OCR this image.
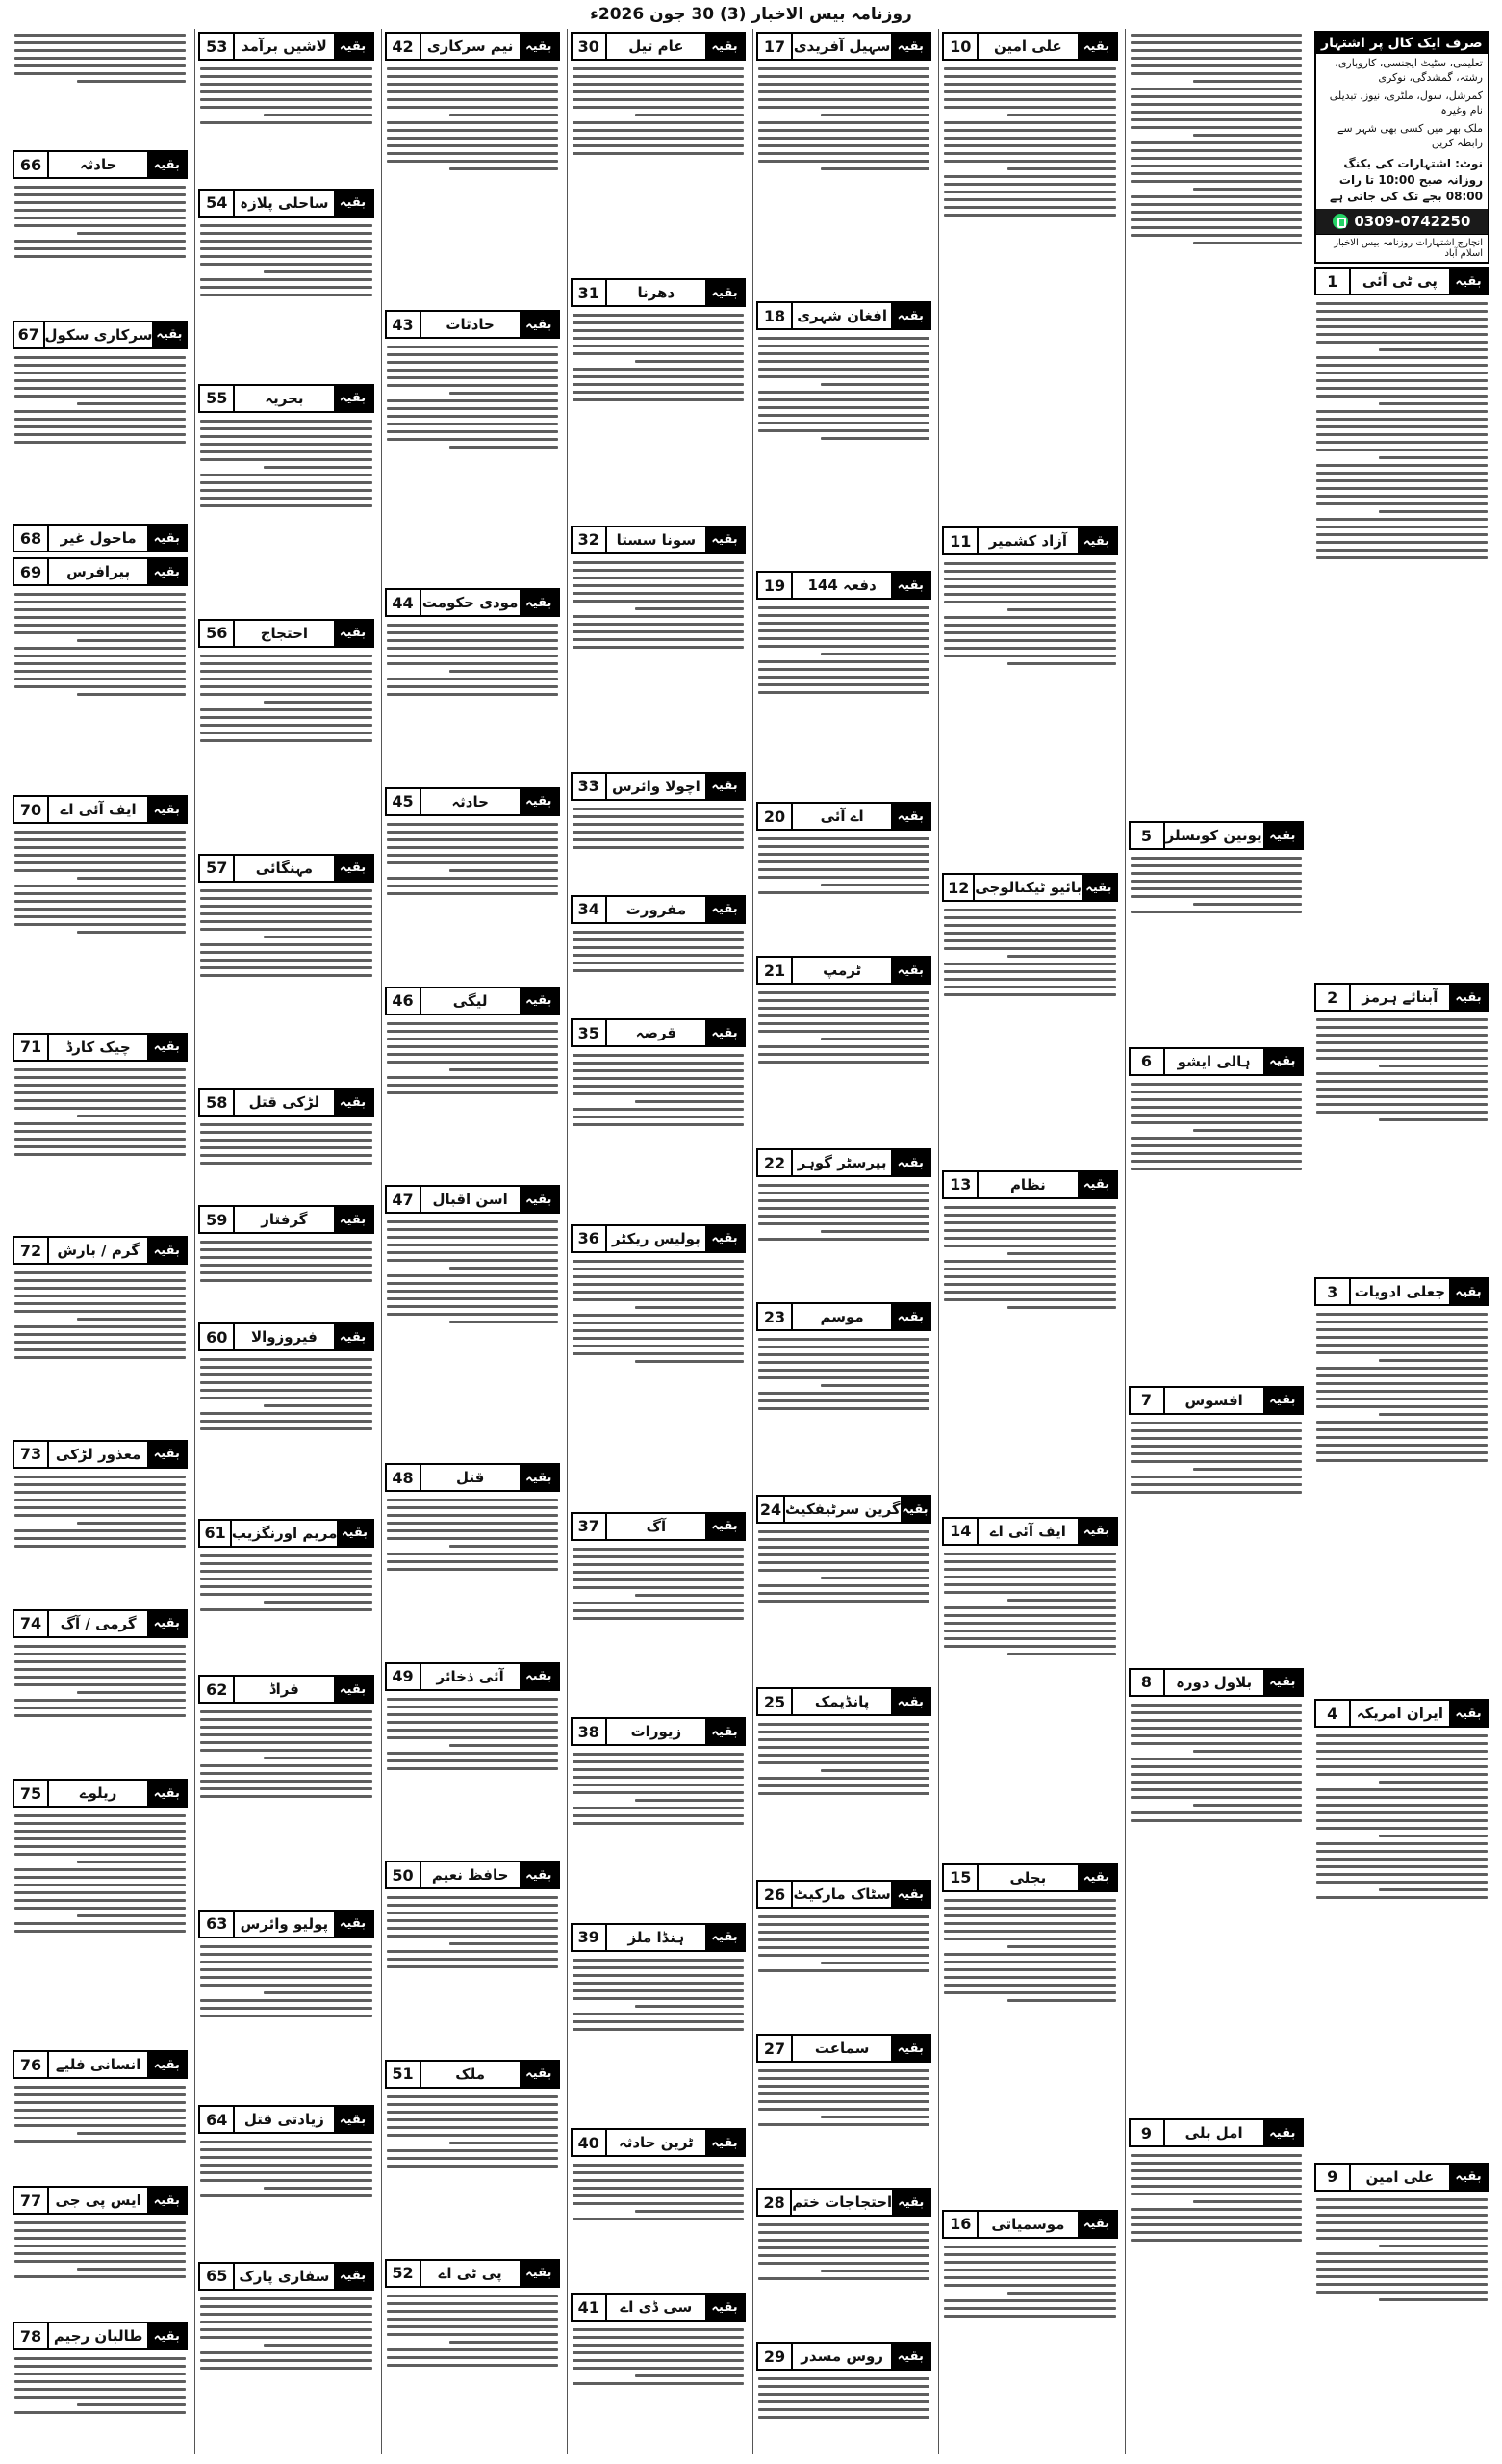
روزنامہ بیس الاخبار (3) 30 جون 2026ء
صرف ایک کال پر اشتہار
تعلیمی، سٹیٹ ایجنسی، کاروباری، رشتہ، گمشدگی، نوکری
کمرشل، سول، ملٹری، نیوز، تبدیلی نام وغیرہ
ملک بھر میں کسی بھی شہر سے رابطہ کریں
نوٹ: اشتہارات کی بکنگ روزانہ صبح 10:00 تا رات 08:00 بجے تک کی جاتی ہے
0309-0742250
انچارج اشتہارات روزنامہ بیس الاخبار اسلام آباد
بقیہ
پی ٹی آئی
1
بقیہ
آبنائے ہرمز
2
بقیہ
جعلی ادویات
3
بقیہ
ایران امریکہ
4
بقیہ
علی امین
9
بقیہ
یونین کونسلز
5
بقیہ
ہالی ایشو
6
بقیہ
افسوس
7
بقیہ
بلاول دورہ
8
بقیہ
امل بلی
9
بقیہ
علی امین
10
بقیہ
آزاد کشمیر
11
بقیہ
بائیو ٹیکنالوجی
12
بقیہ
نظام
13
بقیہ
ایف آئی اے
14
بقیہ
بجلی
15
بقیہ
موسمیاتی
16
بقیہ
سہیل آفریدی
17
بقیہ
افغان شہری
18
بقیہ
دفعہ 144
19
بقیہ
اے آئی
20
بقیہ
ٹرمپ
21
بقیہ
بیرسٹر گوہر
22
بقیہ
موسم
23
بقیہ
گرین سرٹیفکیٹ
24
بقیہ
پانڈیمک
25
بقیہ
سٹاک مارکیٹ
26
بقیہ
سماعت
27
بقیہ
احتجاجات ختم
28
بقیہ
روس مسدر
29
بقیہ
عام تیل
30
بقیہ
دھرنا
31
بقیہ
سونا سستا
32
بقیہ
اچولا وائرس
33
بقیہ
مفرورت
34
بقیہ
قرضہ
35
بقیہ
پولیس ریکٹر
36
بقیہ
آگ
37
بقیہ
زیورات
38
بقیہ
ہنڈا ملز
39
بقیہ
ٹرین حادثہ
40
بقیہ
سی ڈی اے
41
بقیہ
نیم سرکاری
42
بقیہ
حادثات
43
بقیہ
مودی حکومت
44
بقیہ
حادثہ
45
بقیہ
لیگی
46
بقیہ
اسن اقبال
47
بقیہ
قتل
48
بقیہ
آئی ذخائر
49
بقیہ
حافظ نعیم
50
بقیہ
ملک
51
بقیہ
پی ٹی اے
52
بقیہ
لاشیں برآمد
53
بقیہ
ساحلی پلازہ
54
بقیہ
بحریہ
55
بقیہ
احتجاج
56
بقیہ
مہنگائی
57
بقیہ
لڑکی قتل
58
بقیہ
گرفتار
59
بقیہ
فیروزوالا
60
بقیہ
مریم اورنگزیب
61
بقیہ
فراڈ
62
بقیہ
پولیو وائرس
63
بقیہ
زیادتی قتل
64
بقیہ
سفاری پارک
65
بقیہ
حادثہ
66
بقیہ
سرکاری سکول
67
بقیہ
ماحول غیر
68
بقیہ
پیرافرس
69
بقیہ
ایف آئی اے
70
بقیہ
چیک کارڈ
71
بقیہ
گرم / بارش
72
بقیہ
معذور لڑکی
73
بقیہ
گرمی / آگ
74
بقیہ
ریلوے
75
بقیہ
انسانی فلیے
76
بقیہ
ایس پی جی
77
بقیہ
طالبان رجیم
78
